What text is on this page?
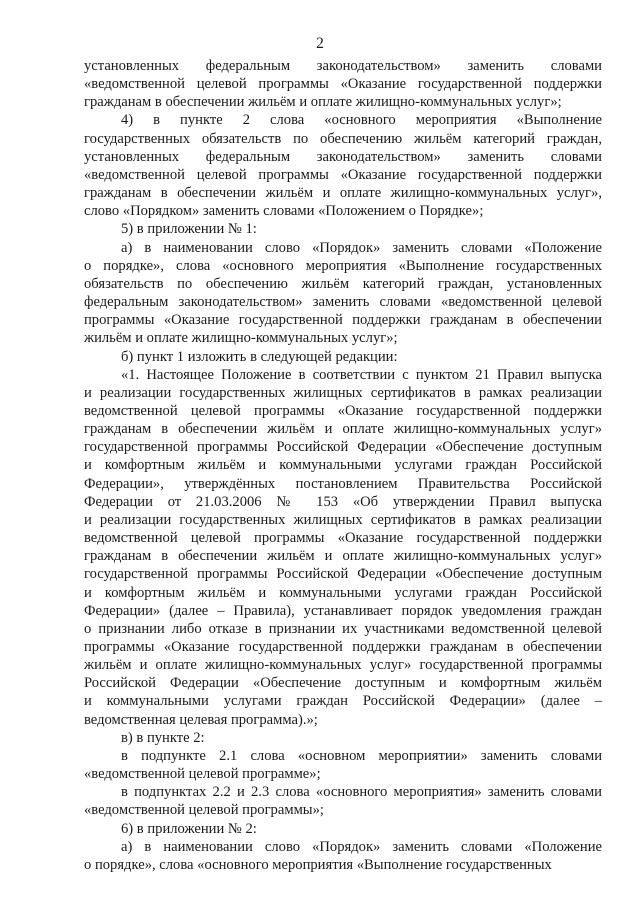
2
установленных федеральным законодательством» заменить словами
«ведомственной целевой программы «Оказание государственной поддержки
гражданам в обеспечении жильём и оплате жилищно-коммунальных услуг»;
4) в пункте 2 слова «основного мероприятия «Выполнение
государственных обязательств по обеспечению жильём категорий граждан,
установленных федеральным законодательством» заменить словами
«ведомственной целевой программы «Оказание государственной поддержки
гражданам в обеспечении жильём и оплате жилищно-коммунальных услуг»,
слово «Порядком» заменить словами «Положением о Порядке»;
5) в приложении № 1:
а) в наименовании слово «Порядок» заменить словами «Положение
о порядке», слова «основного мероприятия «Выполнение государственных
обязательств по обеспечению жильём категорий граждан, установленных
федеральным законодательством» заменить словами «ведомственной целевой
программы «Оказание государственной поддержки гражданам в обеспечении
жильём и оплате жилищно-коммунальных услуг»;
б) пункт 1 изложить в следующей редакции:
«1. Настоящее Положение в соответствии с пунктом 21 Правил выпуска
и реализации государственных жилищных сертификатов в рамках реализации
ведомственной целевой программы «Оказание государственной поддержки
гражданам в обеспечении жильём и оплате жилищно-коммунальных услуг»
государственной программы Российской Федерации «Обеспечение доступным
и комфортным жильём и коммунальными услугами граждан Российской
Федерации», утверждённых постановлением Правительства Российской
Федерации от 21.03.2006 № 153 «Об утверждении Правил выпуска
и реализации государственных жилищных сертификатов в рамках реализации
ведомственной целевой программы «Оказание государственной поддержки
гражданам в обеспечении жильём и оплате жилищно-коммунальных услуг»
государственной программы Российской Федерации «Обеспечение доступным
и комфортным жильём и коммунальными услугами граждан Российской
Федерации» (далее – Правила), устанавливает порядок уведомления граждан
о признании либо отказе в признании их участниками ведомственной целевой
программы «Оказание государственной поддержки гражданам в обеспечении
жильём и оплате жилищно-коммунальных услуг» государственной программы
Российской Федерации «Обеспечение доступным и комфортным жильём
и коммунальными услугами граждан Российской Федерации» (далее –
ведомственная целевая программа).»;
в) в пункте 2:
в подпункте 2.1 слова «основном мероприятии» заменить словами
«ведомственной целевой программе»;
в подпунктах 2.2 и 2.3 слова «основного мероприятия» заменить словами
«ведомственной целевой программы»;
6) в приложении № 2:
а) в наименовании слово «Порядок» заменить словами «Положение
о порядке», слова «основного мероприятия «Выполнение государственных
